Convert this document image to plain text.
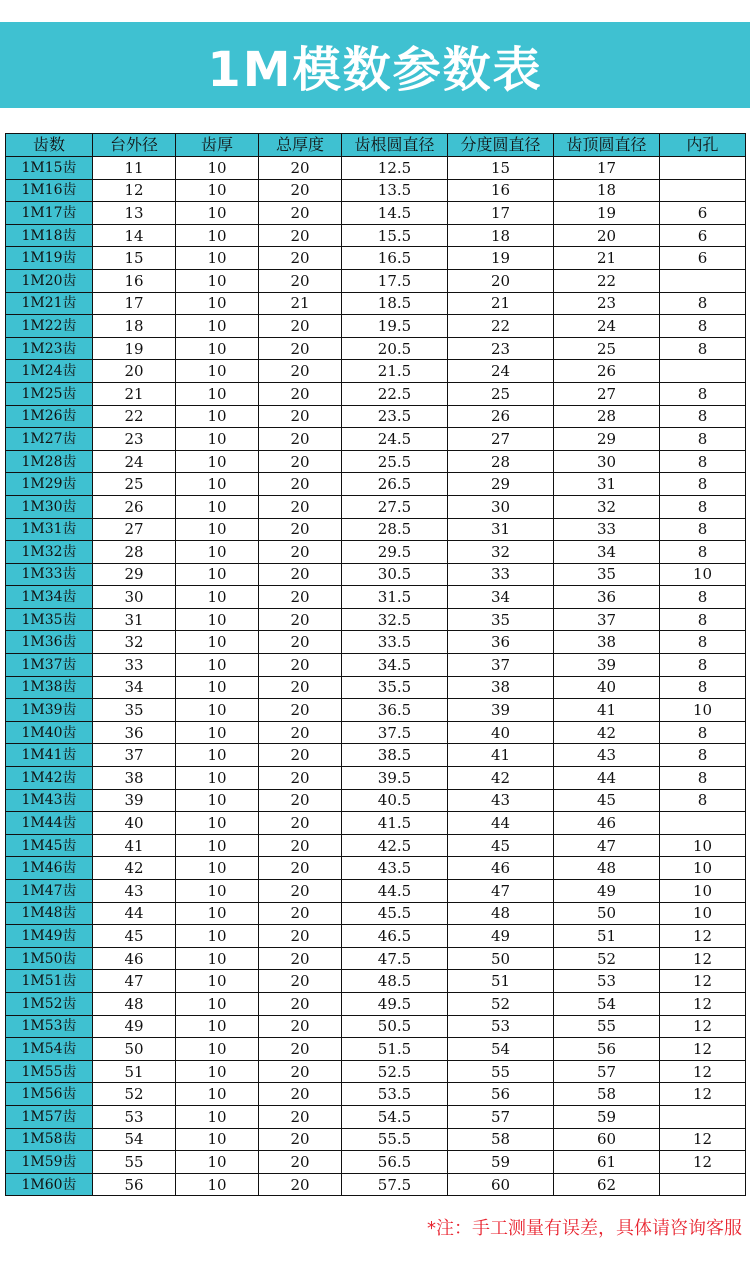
1M模数参数表
齿数	台外径	齿厚	总厚度	齿根圆直径	分度圆直径	齿顶圆直径	内孔
1M15齿	11	10	20	12.5	15	17	
1M16齿	12	10	20	13.5	16	18	
1M17齿	13	10	20	14.5	17	19	6
1M18齿	14	10	20	15.5	18	20	6
1M19齿	15	10	20	16.5	19	21	6
1M20齿	16	10	20	17.5	20	22	
1M21齿	17	10	21	18.5	21	23	8
1M22齿	18	10	20	19.5	22	24	8
1M23齿	19	10	20	20.5	23	25	8
1M24齿	20	10	20	21.5	24	26	
1M25齿	21	10	20	22.5	25	27	8
1M26齿	22	10	20	23.5	26	28	8
1M27齿	23	10	20	24.5	27	29	8
1M28齿	24	10	20	25.5	28	30	8
1M29齿	25	10	20	26.5	29	31	8
1M30齿	26	10	20	27.5	30	32	8
1M31齿	27	10	20	28.5	31	33	8
1M32齿	28	10	20	29.5	32	34	8
1M33齿	29	10	20	30.5	33	35	10
1M34齿	30	10	20	31.5	34	36	8
1M35齿	31	10	20	32.5	35	37	8
1M36齿	32	10	20	33.5	36	38	8
1M37齿	33	10	20	34.5	37	39	8
1M38齿	34	10	20	35.5	38	40	8
1M39齿	35	10	20	36.5	39	41	10
1M40齿	36	10	20	37.5	40	42	8
1M41齿	37	10	20	38.5	41	43	8
1M42齿	38	10	20	39.5	42	44	8
1M43齿	39	10	20	40.5	43	45	8
1M44齿	40	10	20	41.5	44	46	
1M45齿	41	10	20	42.5	45	47	10
1M46齿	42	10	20	43.5	46	48	10
1M47齿	43	10	20	44.5	47	49	10
1M48齿	44	10	20	45.5	48	50	10
1M49齿	45	10	20	46.5	49	51	12
1M50齿	46	10	20	47.5	50	52	12
1M51齿	47	10	20	48.5	51	53	12
1M52齿	48	10	20	49.5	52	54	12
1M53齿	49	10	20	50.5	53	55	12
1M54齿	50	10	20	51.5	54	56	12
1M55齿	51	10	20	52.5	55	57	12
1M56齿	52	10	20	53.5	56	58	12
1M57齿	53	10	20	54.5	57	59	
1M58齿	54	10	20	55.5	58	60	12
1M59齿	55	10	20	56.5	59	61	12
1M60齿	56	10	20	57.5	60	62	
*注：手工测量有误差，具体请咨询客服
